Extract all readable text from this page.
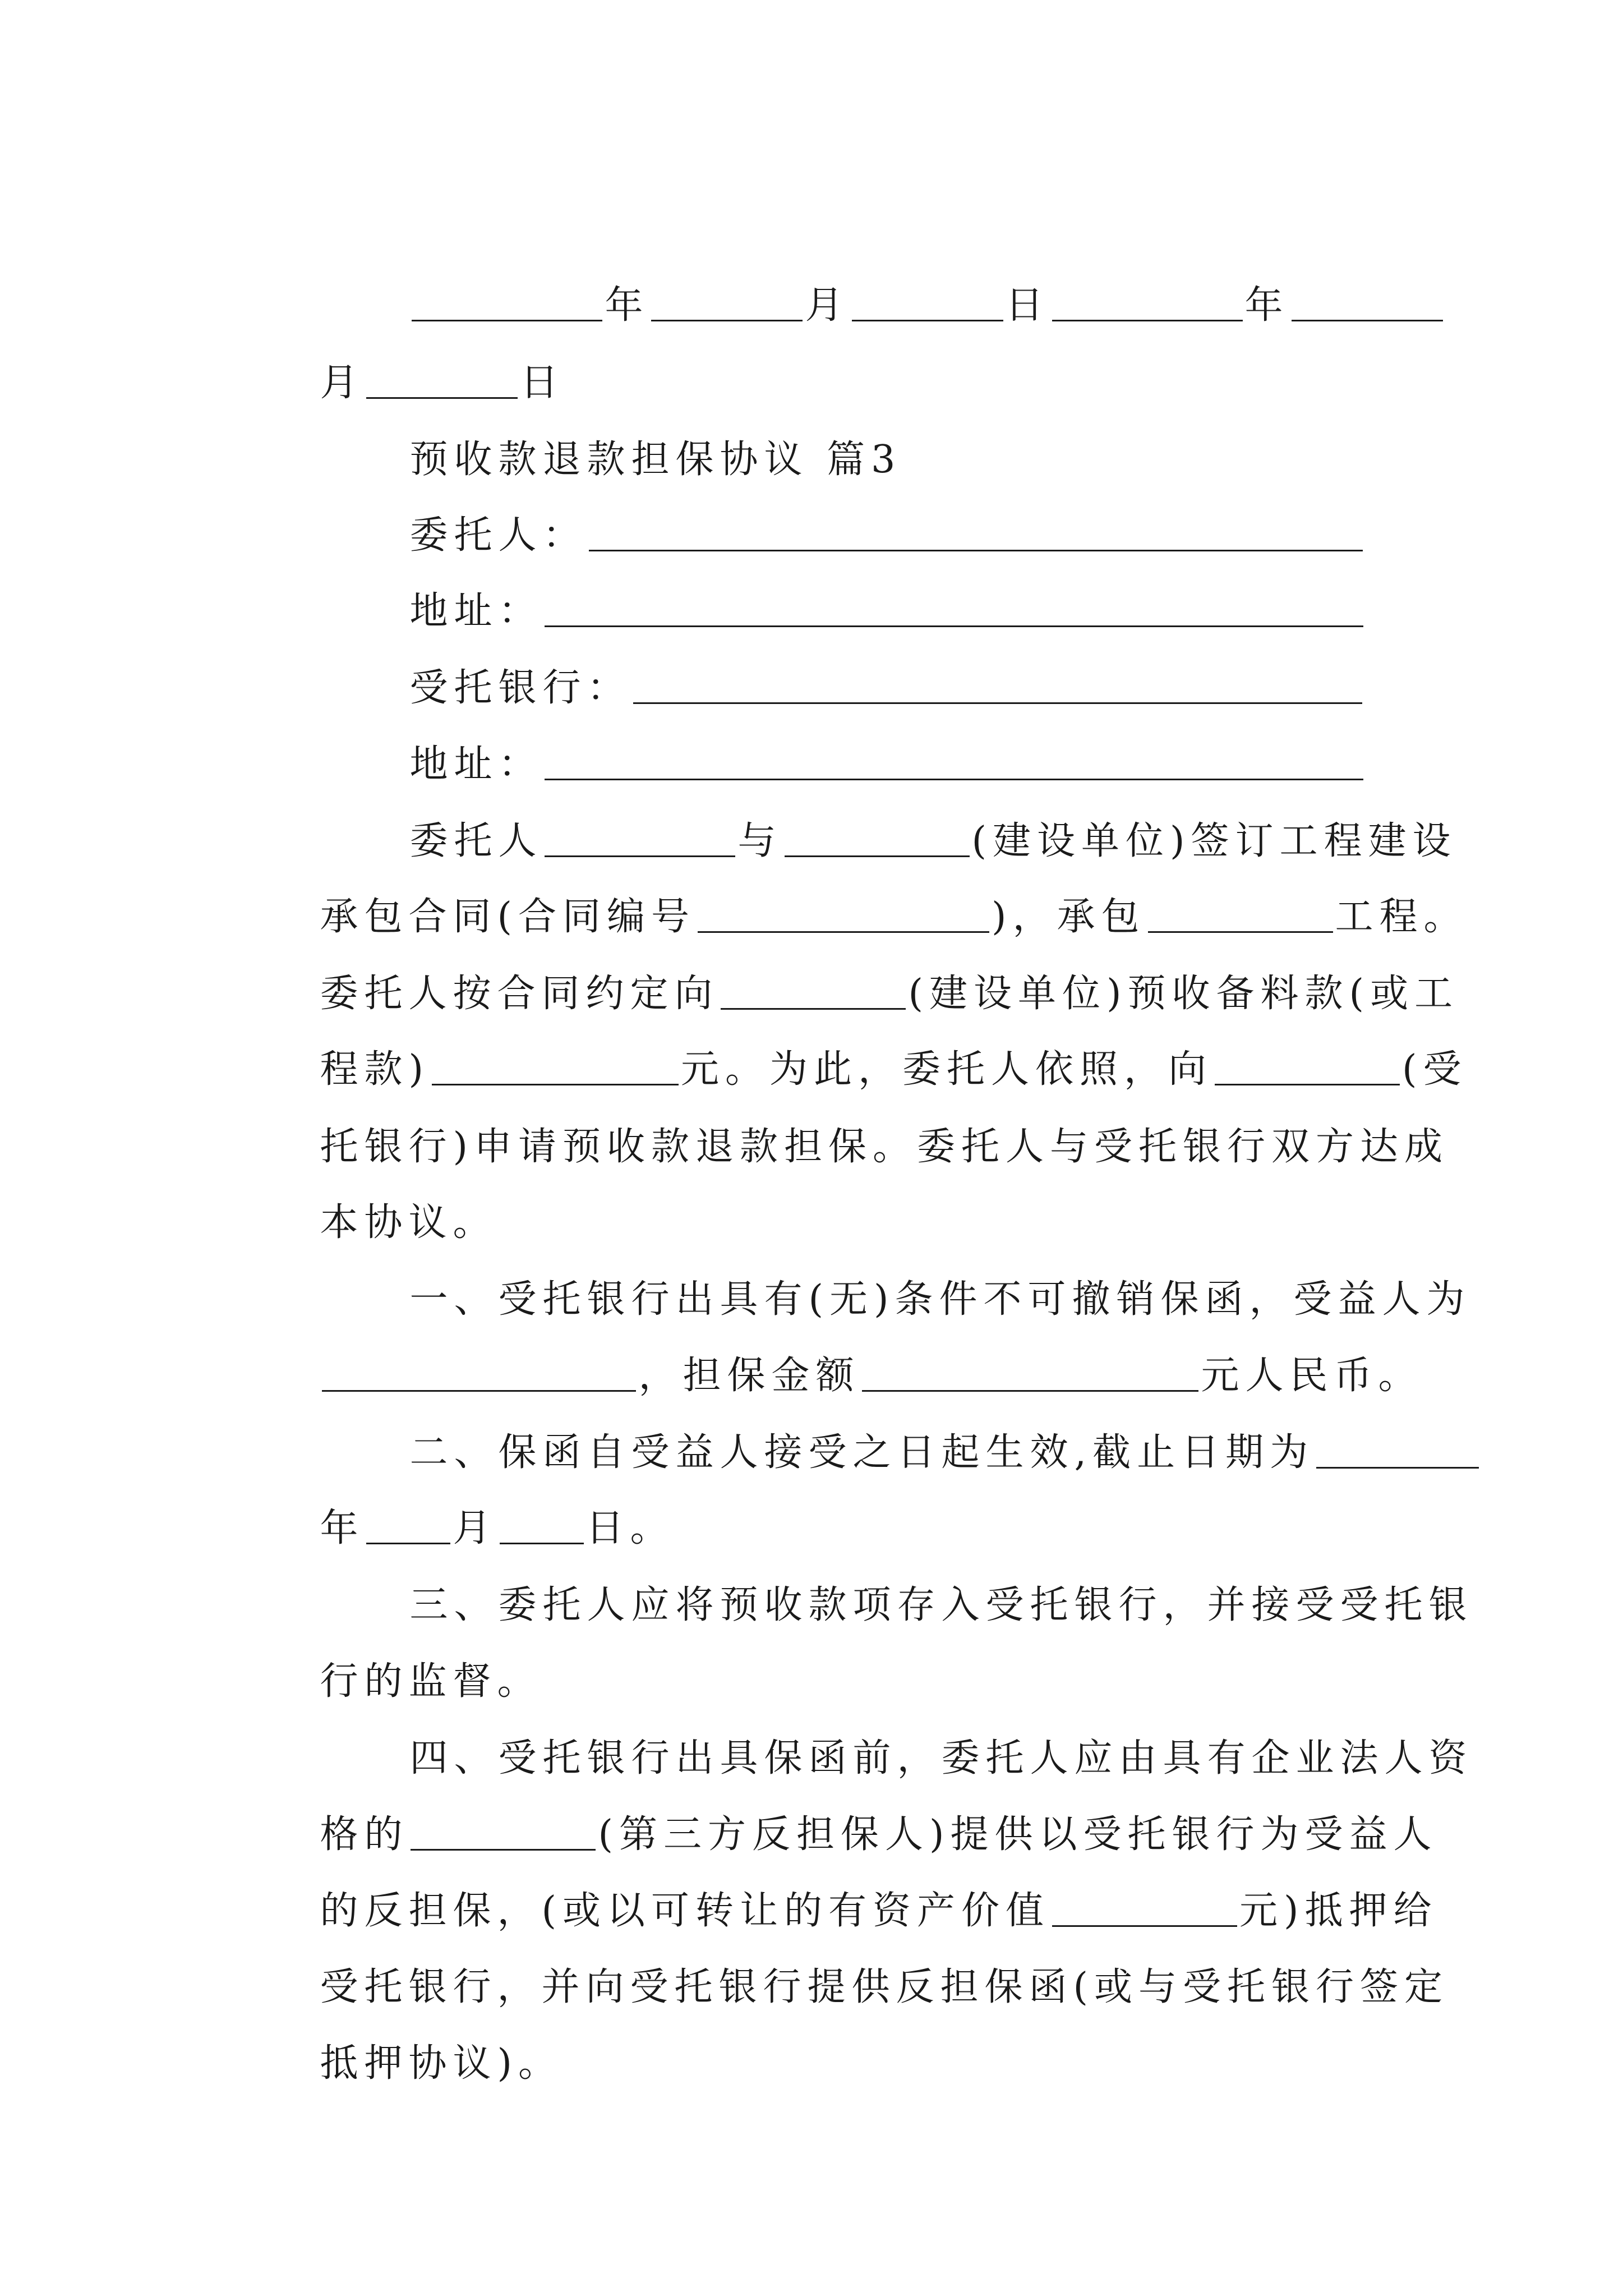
年	月	日	年

月	日

预收款退款担保协议 篇3

委托人：

地址：

受托银行：

地址：

委托人	与	(建设单位)签订工程建设

承包合同(合同编号	)，承包	工程。

委托人按合同约定向	(建设单位)预收备料款(或工

程款)	元。为此，委托人依照，向	(受

托银行)申请预收款退款担保。委托人与受托银行双方达成

本协议。

一、受托银行出具有(无)条件不可撤销保函，受益人为

，担保金额	元人民币。

二、保函自受益人接受之日起生效,截止日期为

年 月 日。

三、委托人应将预收款项存入受托银行，并接受受托银

行的监督。

四、受托银行出具保函前，委托人应由具有企业法人资

格的	(第三方反担保人)提供以受托银行为受益人

的反担保，(或以可转让的有资产价值	元)抵押给

受托银行，并向受托银行提供反担保函(或与受托银行签定

抵押协议)。
